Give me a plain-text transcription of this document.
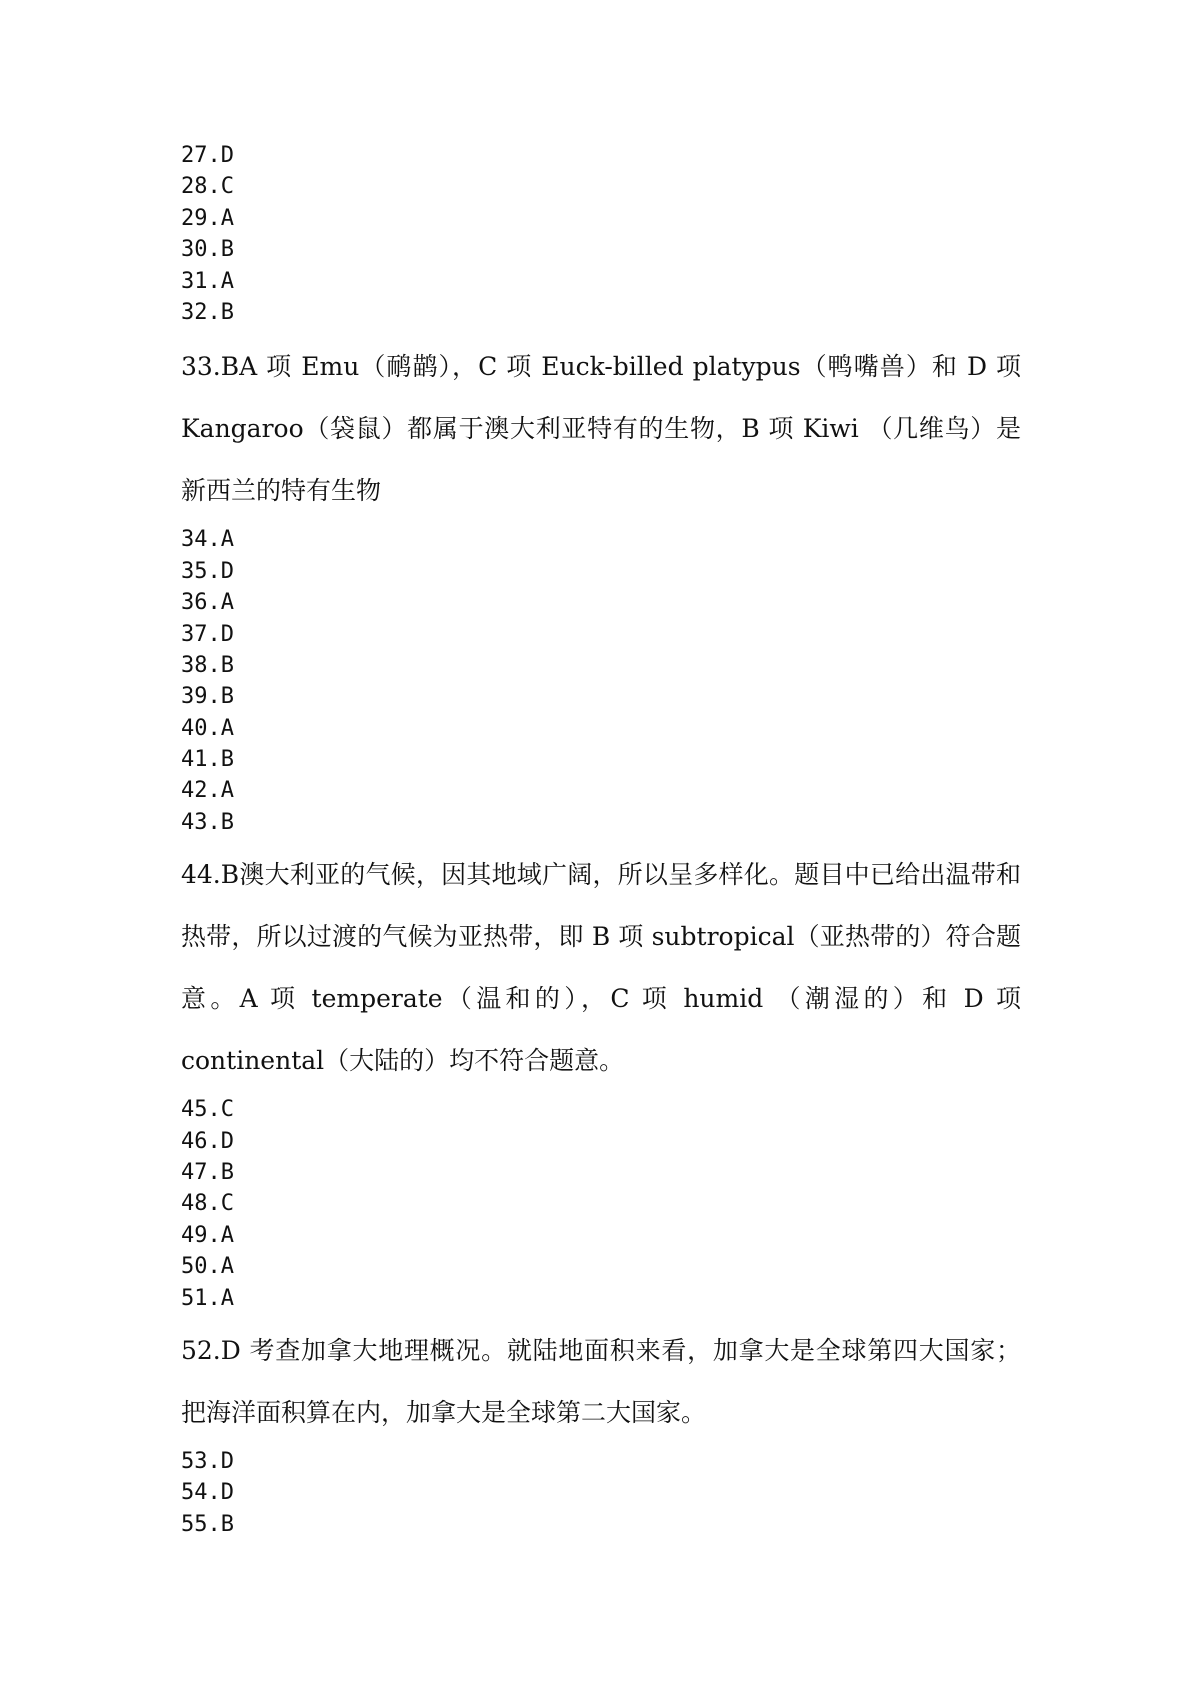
27.D
28.C
29.A
30.B
31.A
32.B

33.BA 项 Emu（鸸鹋），C 项 Euck-billed platypus（鸭嘴兽）和 D 项 Kangaroo（袋鼠）都属于澳大利亚特有的生物，B 项 Kiwi （几维鸟）是新西兰的特有生物

34.A
35.D
36.A
37.D
38.B
39.B
40.A
41.B
42.A
43.B

44.B澳大利亚的气候，因其地域广阔，所以呈多样化。题目中已给出温带和热带，所以过渡的气候为亚热带，即 B 项 subtropical（亚热带的）符合题意。A 项 temperate（温和的），C 项 humid （潮湿的）和 D 项 continental（大陆的）均不符合题意。

45.C
46.D
47.B
48.C
49.A
50.A
51.A

52.D 考查加拿大地理概况。就陆地面积来看，加拿大是全球第四大国家；把海洋面积算在内，加拿大是全球第二大国家。

53.D
54.D
55.B
